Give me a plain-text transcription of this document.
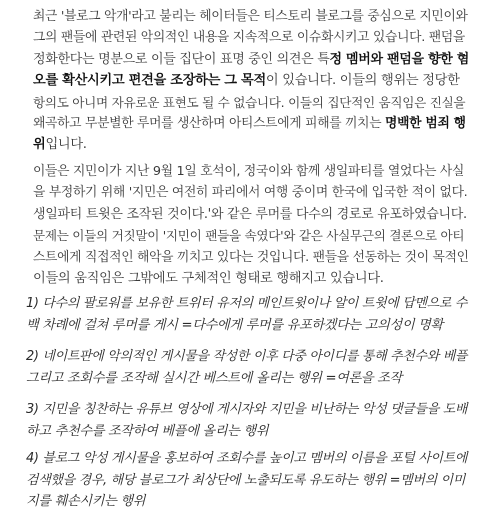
최근 '블로그 악개'라고 불리는 헤이터들은 티스토리 블로그를 중심으로 지민이와
그의 팬들에 관련된 악의적인 내용을 지속적으로 이슈화시키고 있습니다. 팬덤을
정화한다는 명분으로 이들 집단이 표명 중인 의견은 특정 멤버와 팬덤을 향한 혐
오를 확산시키고 편견을 조장하는 그 목적이 있습니다. 이들의 행위는 정당한
항의도 아니며 자유로운 표현도 될 수 없습니다. 이들의 집단적인 움직임은 진실을
왜곡하고 무분별한 루머를 생산하며 아티스트에게 피해를 끼치는 명백한 범죄 행
위입니다.

이들은 지민이가 지난 9월 1일 호석이, 정국이와 함께 생일파티를 열었다는 사실
을 부정하기 위해 '지민은 여전히 파리에서 여행 중이며 한국에 입국한 적이 없다.
생일파티 트윗은 조작된 것이다.'와 같은 루머를 다수의 경로로 유포하였습니다.
문제는 이들의 거짓말이 '지민이 팬들을 속였다'와 같은 사실무근의 결론으로 아티
스트에게 직접적인 해악을 끼치고 있다는 것입니다. 팬들을 선동하는 것이 목적인
이들의 움직임은 그밖에도 구체적인 형태로 행해지고 있습니다.

1) 다수의 팔로워를 보유한 트위터 유저의 메인트윗이나 알이 트윗에 답멘으로 수
백 차례에 걸쳐 루머를 게시 =다수에게 루머를 유포하겠다는 고의성이 명확
2) 네이트판에 악의적인 게시물을 작성한 이후 다중 아이디를 통해 추천수와 베플
그리고 조회수를 조작해 실시간 베스트에 올리는 행위 =여론을 조작
3) 지민을 칭찬하는 유튜브 영상에 게시자와 지민을 비난하는 악성 댓글들을 도배
하고 추천수를 조작하여 베플에 올리는 행위
4) 블로그 악성 게시물을 홍보하여 조회수를 높이고 멤버의 이름을 포털 사이트에
검색했을 경우, 해당 블로그가 최상단에 노출되도록 유도하는 행위 =멤버의 이미
지를 훼손시키는 행위
